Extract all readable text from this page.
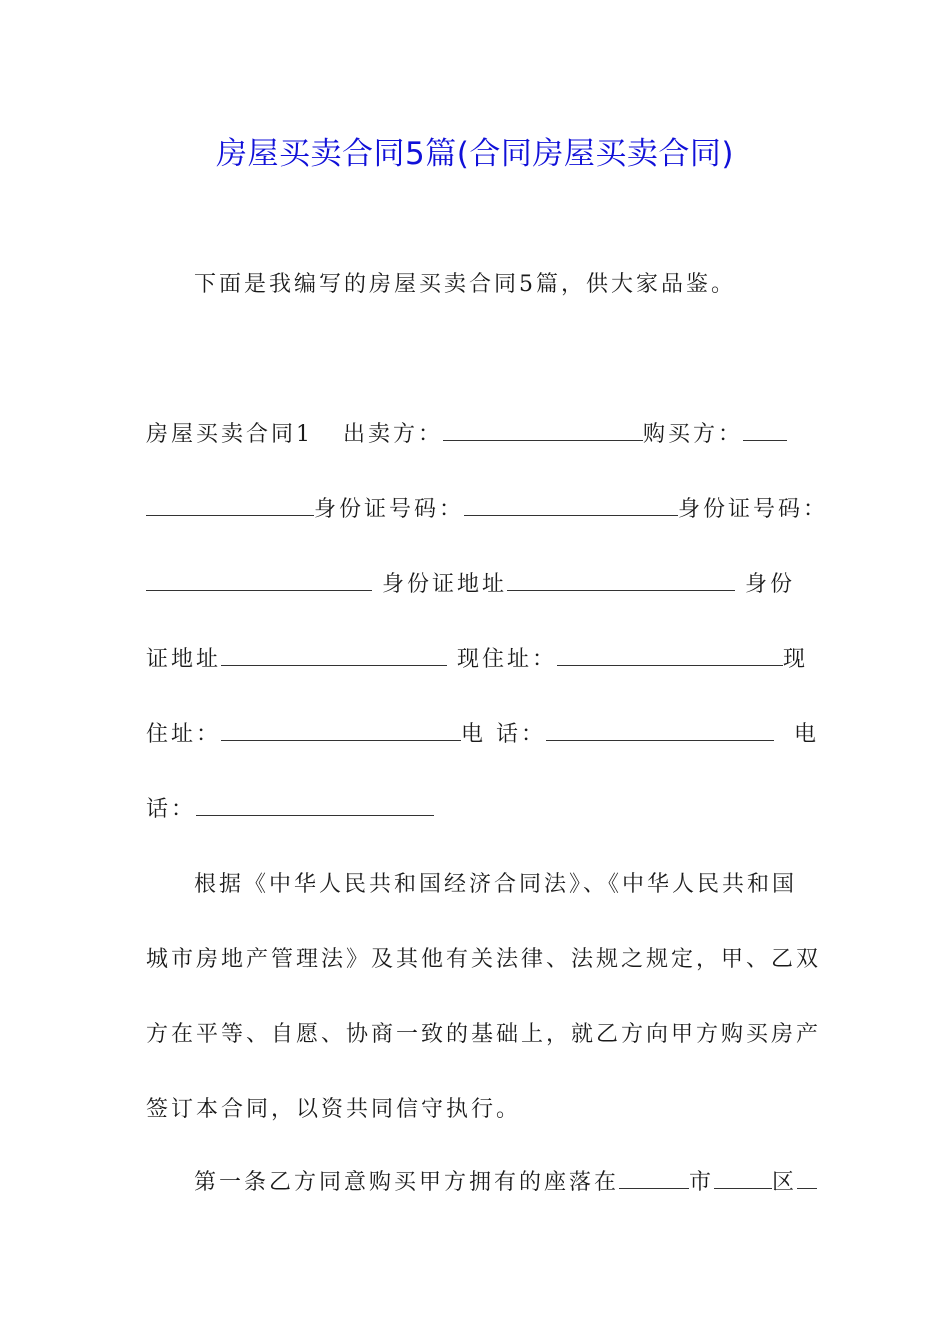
房屋买卖合同5篇(合同房屋买卖合同)
下面是我编写的房屋买卖合同5篇，供大家品鉴。
房屋买卖合同1 出卖方：	购买方：
身份证号码：	身份证号码：
身份证地址	身份
证地址	现住址：	现
住址：	电 话：	电
话：
根据《中华人民共和国经济合同法》、《中华人民共和国
城市房地产管理法》及其他有关法律、法规之规定，甲、乙双
方在平等、自愿、协商一致的基础上，就乙方向甲方购买房产
签订本合同，以资共同信守执行。
第一条乙方同意购买甲方拥有的座落在	市	区
